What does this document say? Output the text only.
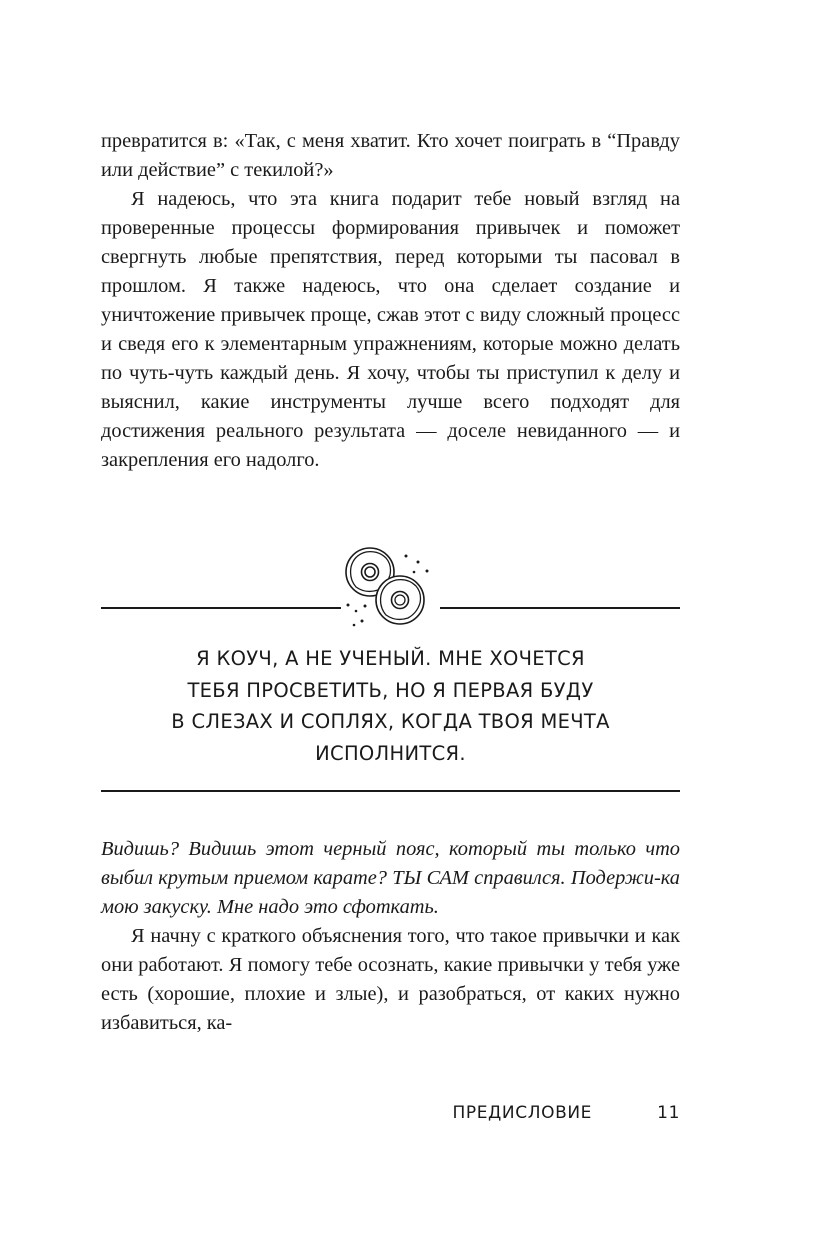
превратится в: «Так, с меня хватит. Кто хочет поиграть в “Правду или действие” с текилой?»

Я надеюсь, что эта книга подарит тебе новый взгляд на проверенные процессы формирования привычек и поможет свергнуть любые препятствия, перед которыми ты пасовал в прошлом. Я также надеюсь, что она сделает создание и уничтожение привычек проще, сжав этот с виду сложный процесс и сведя его к элементарным упражнениям, которые можно делать по чуть-чуть каждый день. Я хочу, чтобы ты приступил к делу и выяснил, какие инструменты лучше всего подходят для достижения реального результата — доселе невиданного — и закрепления его надолго.

Я КОУЧ, А НЕ УЧЕНЫЙ. МНЕ ХОЧЕТСЯ
ТЕБЯ ПРОСВЕТИТЬ, НО Я ПЕРВАЯ БУДУ
В СЛЕЗАХ И СОПЛЯХ, КОГДА ТВОЯ МЕЧТА
ИСПОЛНИТСЯ.

Видишь? Видишь этот черный пояс, который ты только что выбил крутым приемом карате? ТЫ САМ справился. Подержи-ка мою закуску. Мне надо это сфоткать.

Я начну с краткого объяснения того, что такое привычки и как они работают. Я помогу тебе осознать, какие привычки у тебя уже есть (хорошие, плохие и злые), и разобраться, от каких нужно избавиться, ка-

ПРЕДИСЛОВИЕ	11
